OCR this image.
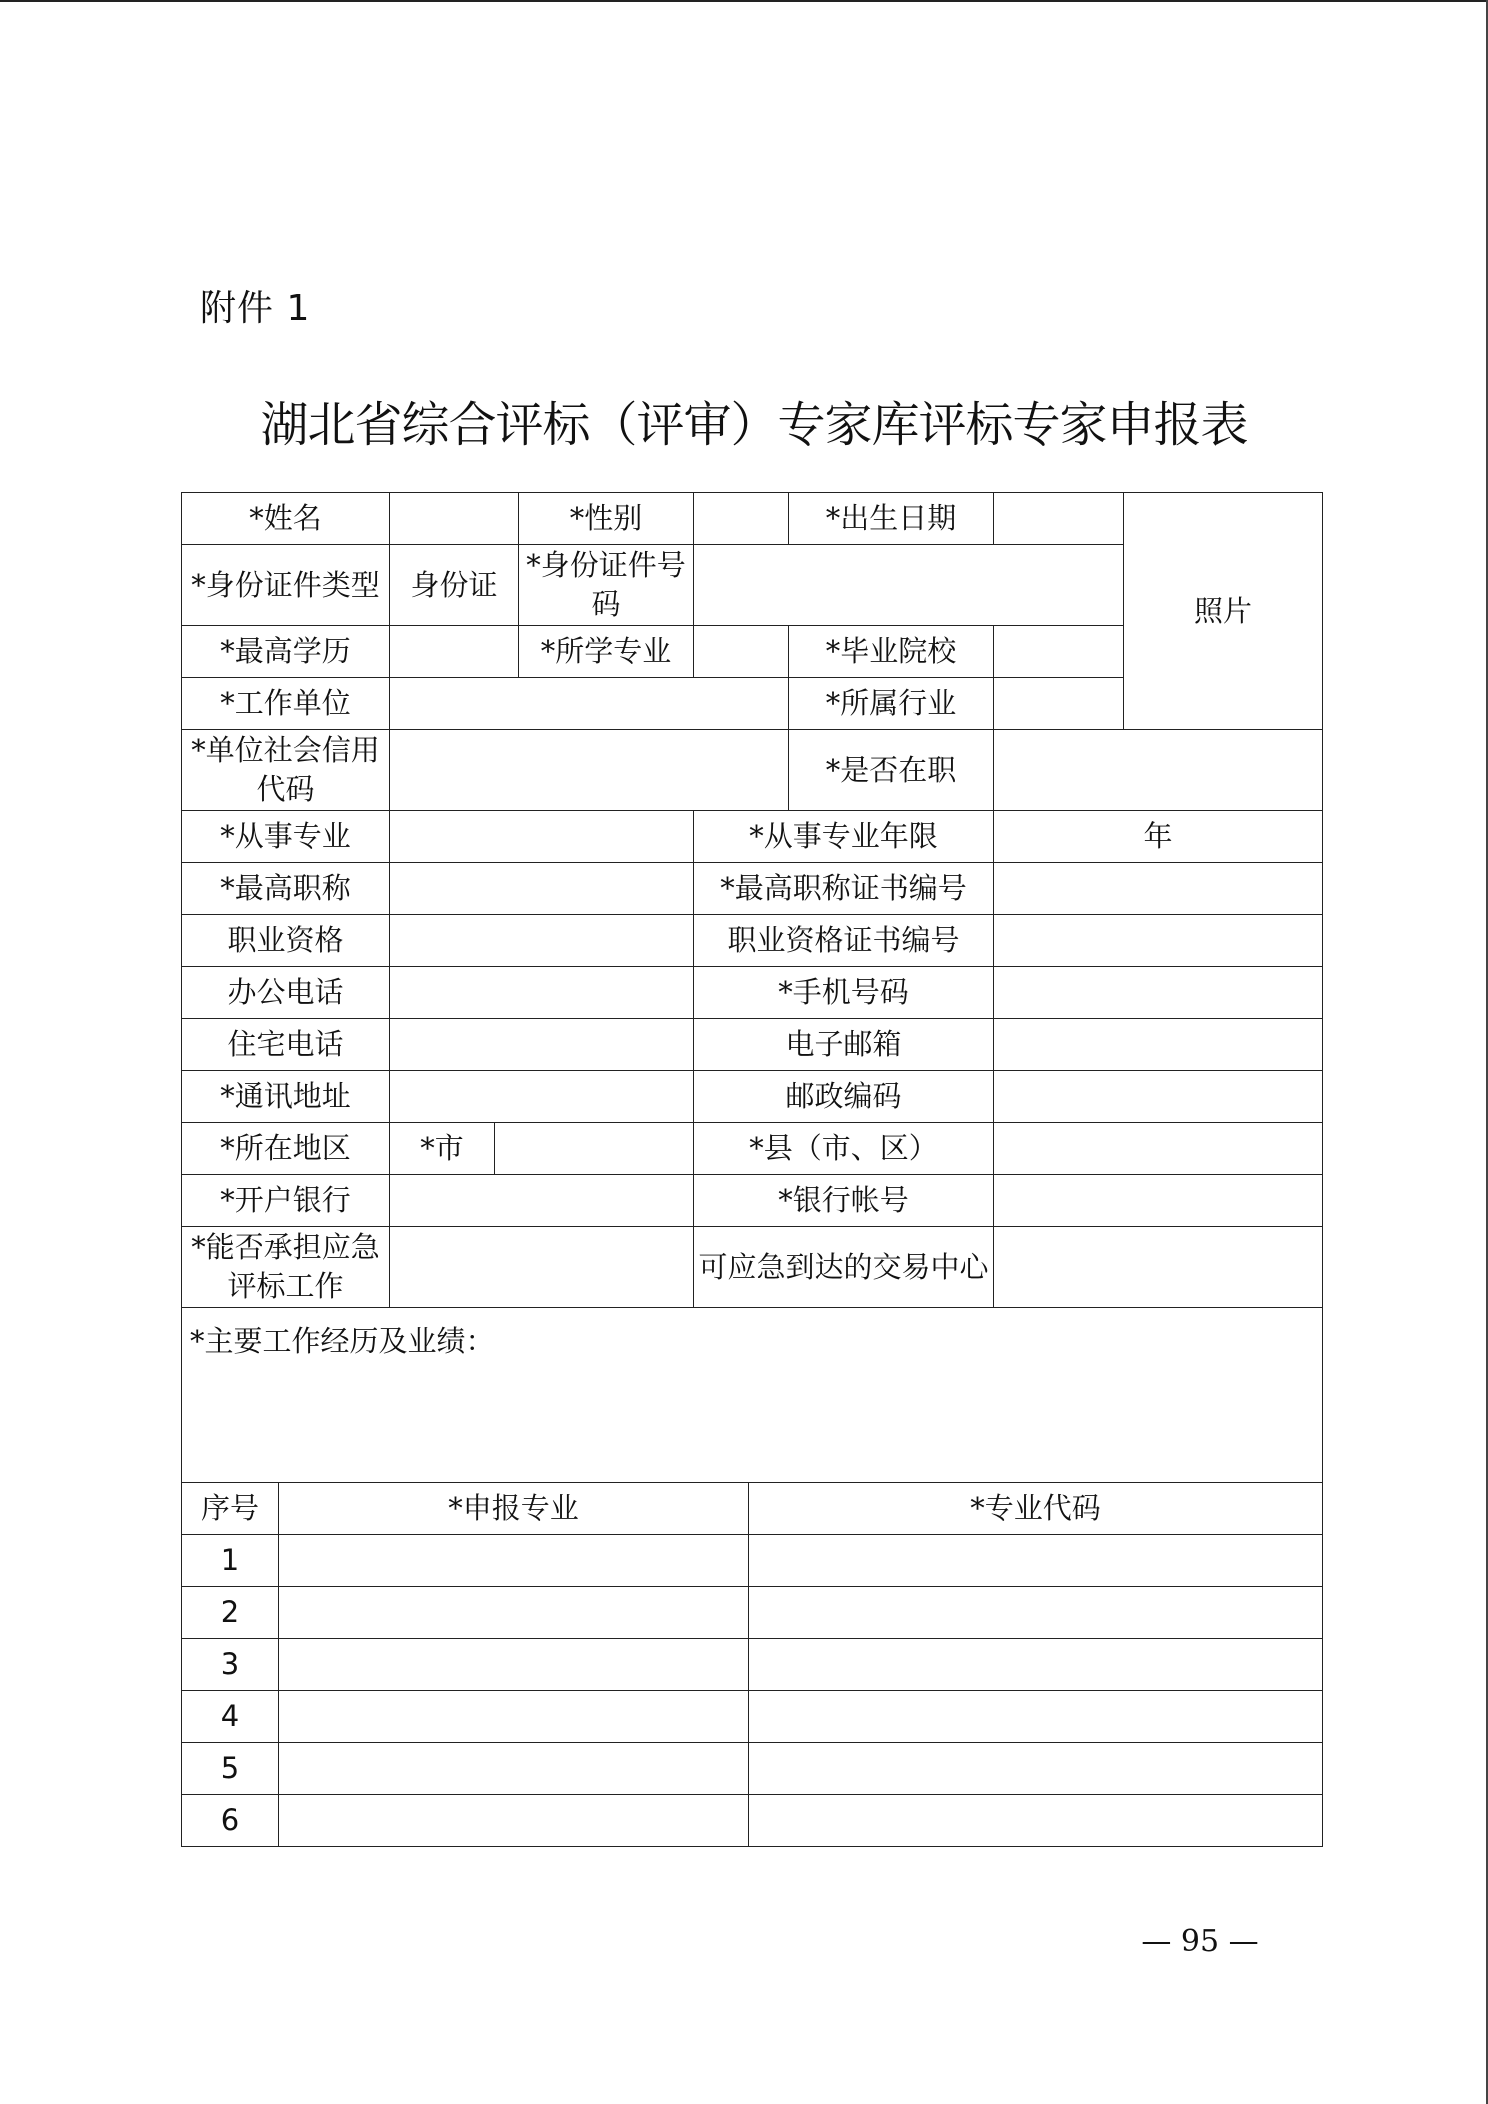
附件 1
湖北省综合评标（评审）专家库评标专家申报表
*姓名				*性别			*出生日期		照片
*身份证件类型		身份证		*身份证件号码					
*最高学历				*所学专业			*毕业院校		
*工作单位							*所属行业		
*单位社会信用代码							*是否在职		
*从事专业					*从事专业年限			年	
*最高职称					*最高职称证书编号				
职业资格					职业资格证书编号				
办公电话					*手机号码				
住宅电话					电子邮箱				
*通讯地址					邮政编码				
*所在地区		*市			*县（市、区）				
*开户银行					*银行帐号				
*能否承担应急评标工作					可应急到达的交易中心				
*主要工作经历及业绩：									
序号	*申报专业					*专业代码			
1									
2									
3									
4									
5									
6									
— 95 —
